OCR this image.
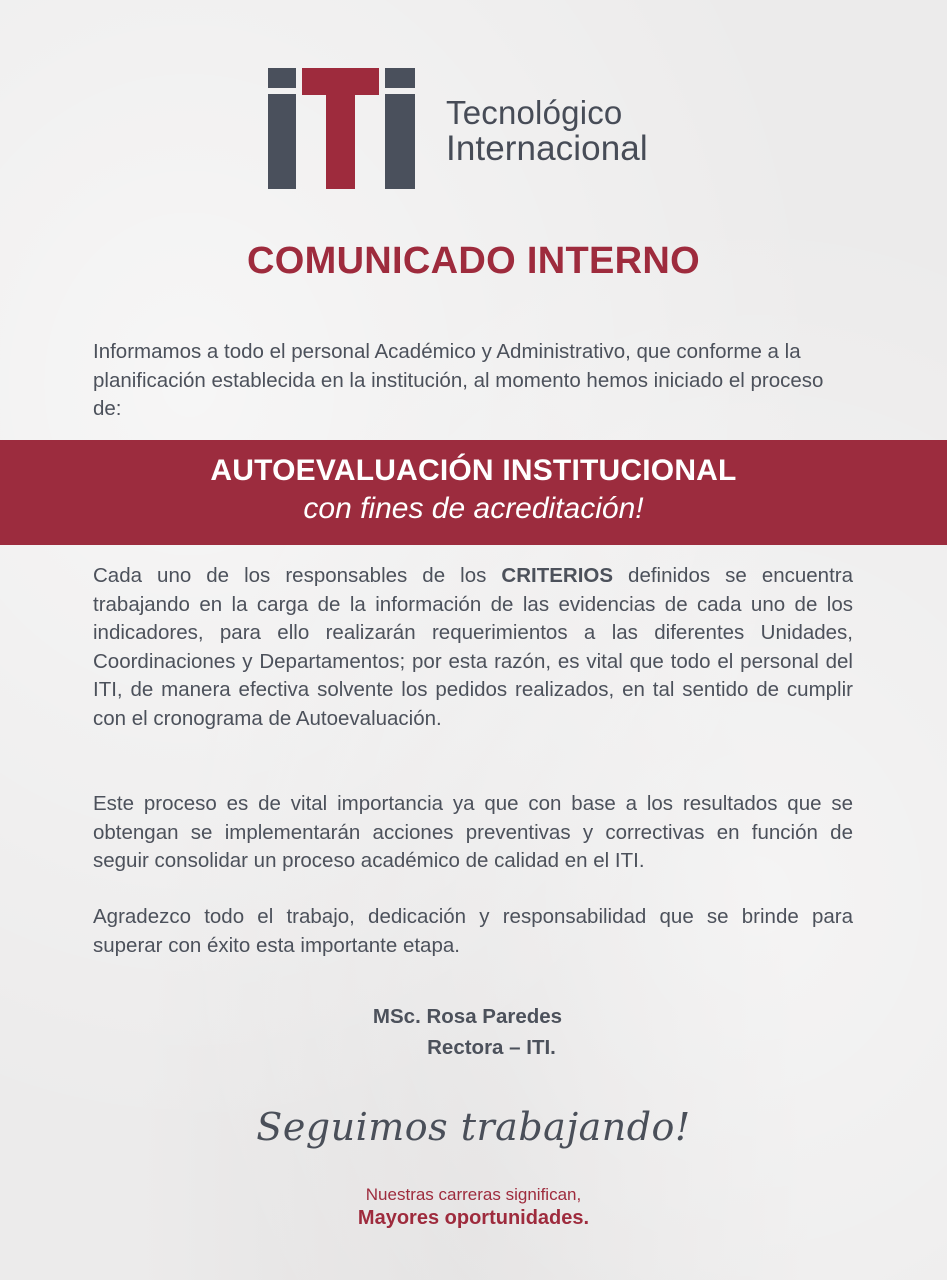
Tecnológico
Internacional
COMUNICADO INTERNO
Informamos a todo el personal Académico y Administrativo, que conforme a la planificación establecida en la institución, al momento hemos iniciado el proceso de:
AUTOEVALUACIÓN INSTITUCIONAL
con fines de acreditación!
Cada uno de los responsables de los CRITERIOS definidos se encuentra trabajando en la carga de la información de las evidencias de cada uno de los indicadores, para ello realizarán requerimientos a las diferentes Unidades, Coordinaciones y Departamentos; por esta razón, es vital que todo el personal del ITI, de manera efectiva solvente los pedidos realizados, en tal sentido de cumplir con el cronograma de Autoevaluación.
Este proceso es de vital importancia ya que con base a los resultados que se obtengan se implementarán acciones preventivas y correctivas en función de seguir consolidar un proceso académico de calidad en el ITI.
Agradezco todo el trabajo, dedicación y responsabilidad que se brinde para superar con éxito esta importante etapa.
MSc. Rosa Paredes
Rectora – ITI.
Seguimos trabajando!
Nuestras carreras significan,
Mayores oportunidades.
